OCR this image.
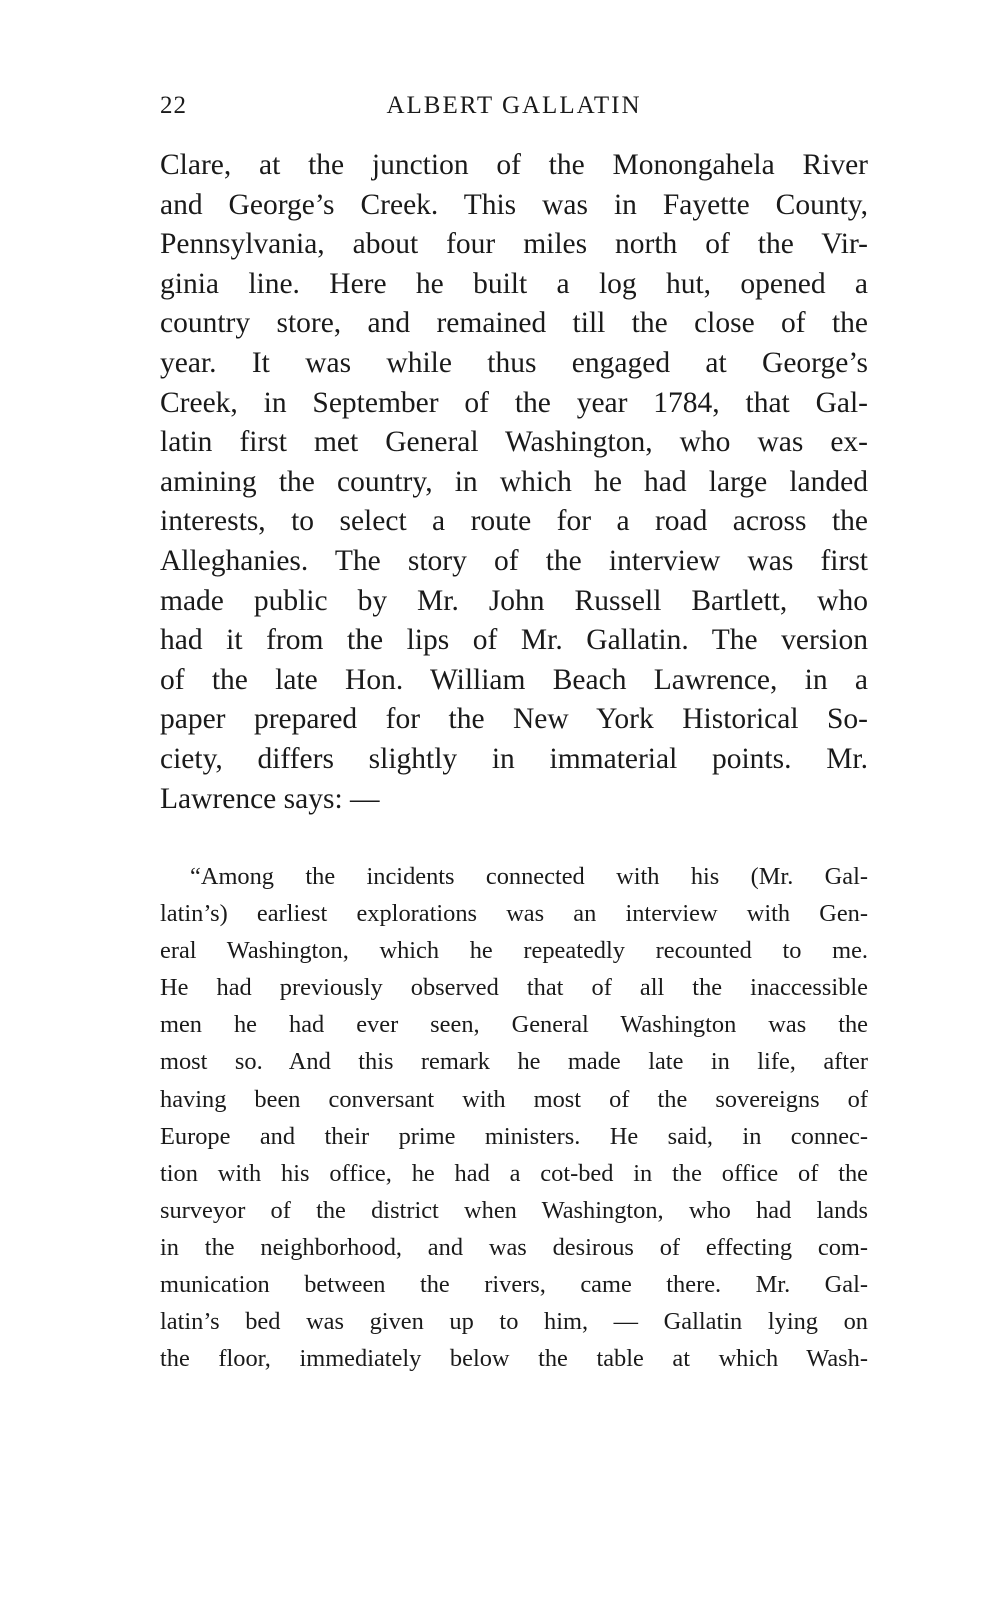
22	ALBERT GALLATIN

Clare, at the junction of the Monongahela River
and George’s Creek. This was in Fayette County,
Pennsylvania, about four miles north of the Vir-
ginia line. Here he built a log hut, opened a
country store, and remained till the close of the
year. It was while thus engaged at George’s
Creek, in September of the year 1784, that Gal-
latin first met General Washington, who was ex-
amining the country, in which he had large landed
interests, to select a route for a road across the
Alleghanies. The story of the interview was first
made public by Mr. John Russell Bartlett, who
had it from the lips of Mr. Gallatin. The version
of the late Hon. William Beach Lawrence, in a
paper prepared for the New York Historical So-
ciety, differs slightly in immaterial points. Mr.
Lawrence says: —

“Among the incidents connected with his (Mr. Gal-
latin’s) earliest explorations was an interview with Gen-
eral Washington, which he repeatedly recounted to me.
He had previously observed that of all the inaccessible
men he had ever seen, General Washington was the
most so. And this remark he made late in life, after
having been conversant with most of the sovereigns of
Europe and their prime ministers. He said, in connec-
tion with his office, he had a cot-bed in the office of the
surveyor of the district when Washington, who had lands
in the neighborhood, and was desirous of effecting com-
munication between the rivers, came there. Mr. Gal-
latin’s bed was given up to him, — Gallatin lying on
the floor, immediately below the table at which Wash-
